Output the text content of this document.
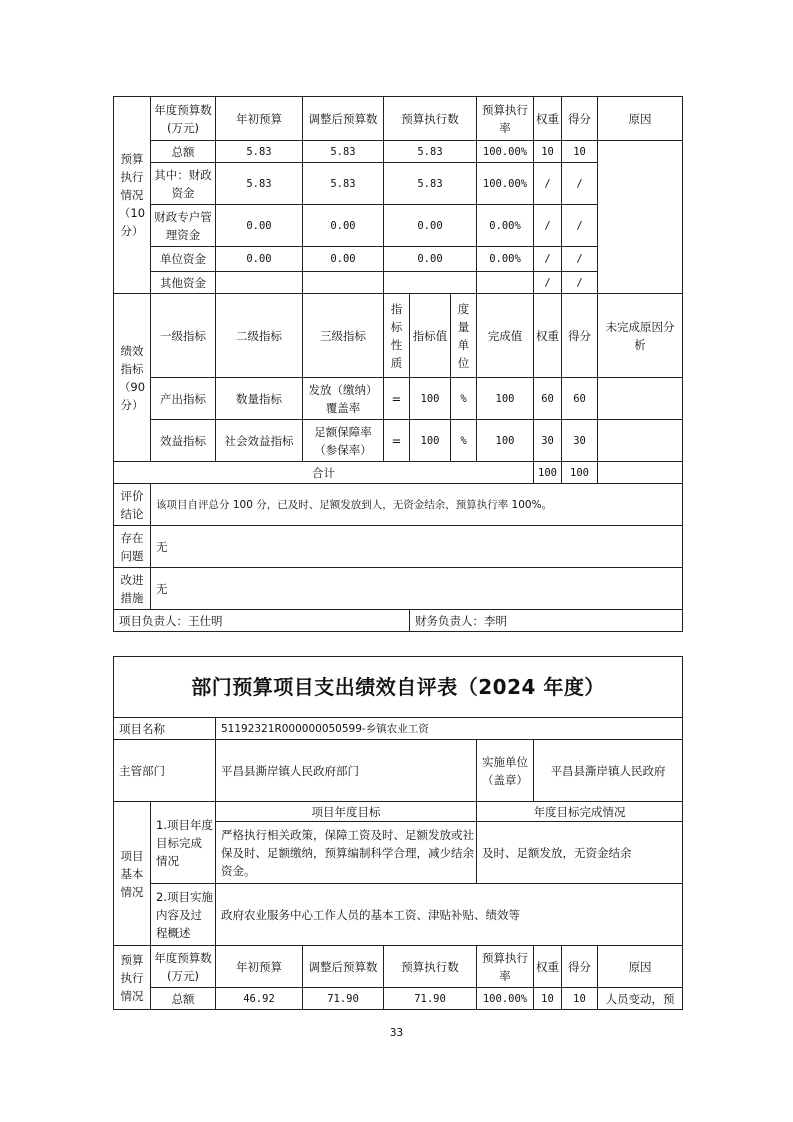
预算执行情况（10分）	年度预算数(万元)	年初预算	调整后预算数	预算执行数			预算执行率	权重	得分	原因
	总额	5.83	5.83	5.83			100.00%	10	10	
	其中：财政资金	5.83	5.83	5.83			100.00%	/	/	
	财政专户管理资金	0.00	0.00	0.00			0.00%	/	/	
	单位资金	0.00	0.00	0.00			0.00%	/	/	
	其他资金							/	/	
绩效指标（90分）	一级指标	二级指标	三级指标	指标性质	指标值	度量单位	完成值	权重	得分	未完成原因分析
	产出指标	数量指标	发放（缴纳）覆盖率	=	100	%	100	60	60	
	效益指标	社会效益指标	足额保障率（参保率）	=	100	%	100	30	30	
合计								100	100	
评价结论	该项目自评总分 100 分，已及时、足额发放到人，无资金结余，预算执行率 100%。									
存在问题	无									
改进措施	无									
项目负责人：王仕明					财务负责人：李明					
部门预算项目支出绩效自评表（2024 年度）								
项目名称		51192321R000000050599-乡镇农业工资						
主管部门		平昌县澌岸镇人民政府部门			实施单位（盖章）	平昌县澌岸镇人民政府		
项目基本情况	1.项目年度目标完成情况	项目年度目标			年度目标完成情况			
		严格执行相关政策，保障工资及时、足额发放或社保及时、足额缴纳，预算编制科学合理，减少结余资金。			及时、足额发放，无资金结余			
	2.项目实施内容及过程概述	政府农业服务中心工作人员的基本工资、津贴补贴、绩效等						
预算执行情况	年度预算数(万元)	年初预算	调整后预算数	预算执行数	预算执行率	权重	得分	原因
	总额	46.92	71.90	71.90	100.00%	10	10	人员变动，预
33
